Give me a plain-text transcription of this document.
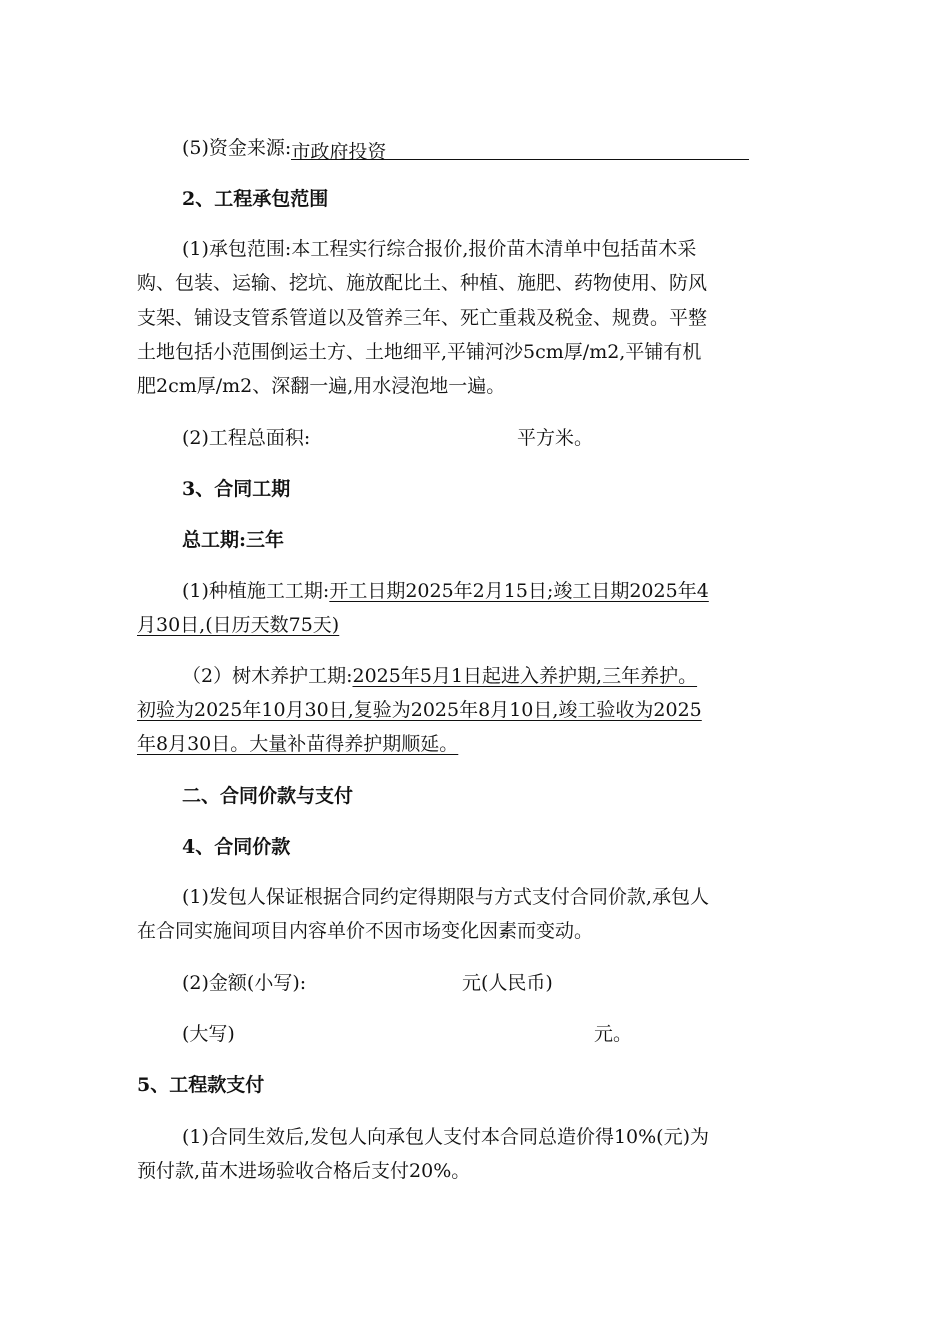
(5)资金来源:市政府投资
2、工程承包范围
(1)承包范围:本工程实行综合报价,报价苗木清单中包括苗木采
购、包装、运输、挖坑、施放配比土、种植、施肥、药物使用、防风
支架、铺设支管系管道以及管养三年、死亡重栽及税金、规费。平整
土地包括小范围倒运土方、土地细平,平铺河沙5cm厚/m2,平铺有机
肥2cm厚/m2、深翻一遍,用水浸泡地一遍。
(2)工程总面积:	平方米。
3、合同工期
总工期:三年
(1)种植施工工期:开工日期2025年2月15日;竣工日期2025年4
月30日,(日历天数75天)
（2）树木养护工期:2025年5月1日起进入养护期,三年养护。
初验为2025年10月30日,复验为2025年8月10日,竣工验收为2025
年8月30日。大量补苗得养护期顺延。
二、合同价款与支付
4、合同价款
(1)发包人保证根据合同约定得期限与方式支付合同价款,承包人
在合同实施间项目内容单价不因市场变化因素而变动。
(2)金额(小写):	元(人民币)
(大写)	元。
5、工程款支付
(1)合同生效后,发包人向承包人支付本合同总造价得10%(元)为
预付款,苗木进场验收合格后支付20%。
